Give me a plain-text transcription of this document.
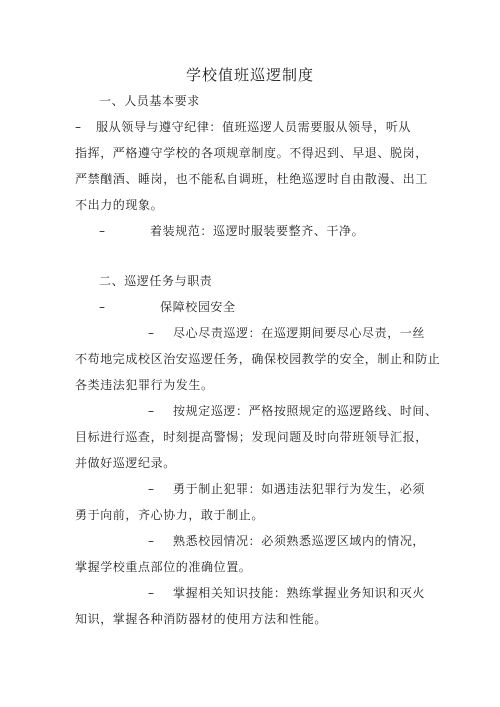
学校值班巡逻制度
一、人员基本要求
– 服从领导与遵守纪律：值班巡逻人员需要服从领导，听从
指挥，严格遵守学校的各项规章制度。不得迟到、早退、脱岗，
严禁酗酒、睡岗，也不能私自调班，杜绝巡逻时自由散漫、出工
不出力的现象。
–	着装规范：巡逻时服装要整齐、干净。
二、巡逻任务与职责
–	保障校园安全
– 尽心尽责巡逻：在巡逻期间要尽心尽责，一丝
不苟地完成校区治安巡逻任务，确保校园教学的安全，制止和防止
各类违法犯罪行为发生。
– 按规定巡逻：严格按照规定的巡逻路线、时间、
目标进行巡查，时刻提高警惕；发现问题及时向带班领导汇报，
并做好巡逻纪录。
– 勇于制止犯罪：如遇违法犯罪行为发生，必须
勇于向前，齐心协力，敢于制止。
– 熟悉校园情况：必须熟悉巡逻区域内的情况，
掌握学校重点部位的准确位置。
– 掌握相关知识技能：熟练掌握业务知识和灭火
知识，掌握各种消防器材的使用方法和性能。
